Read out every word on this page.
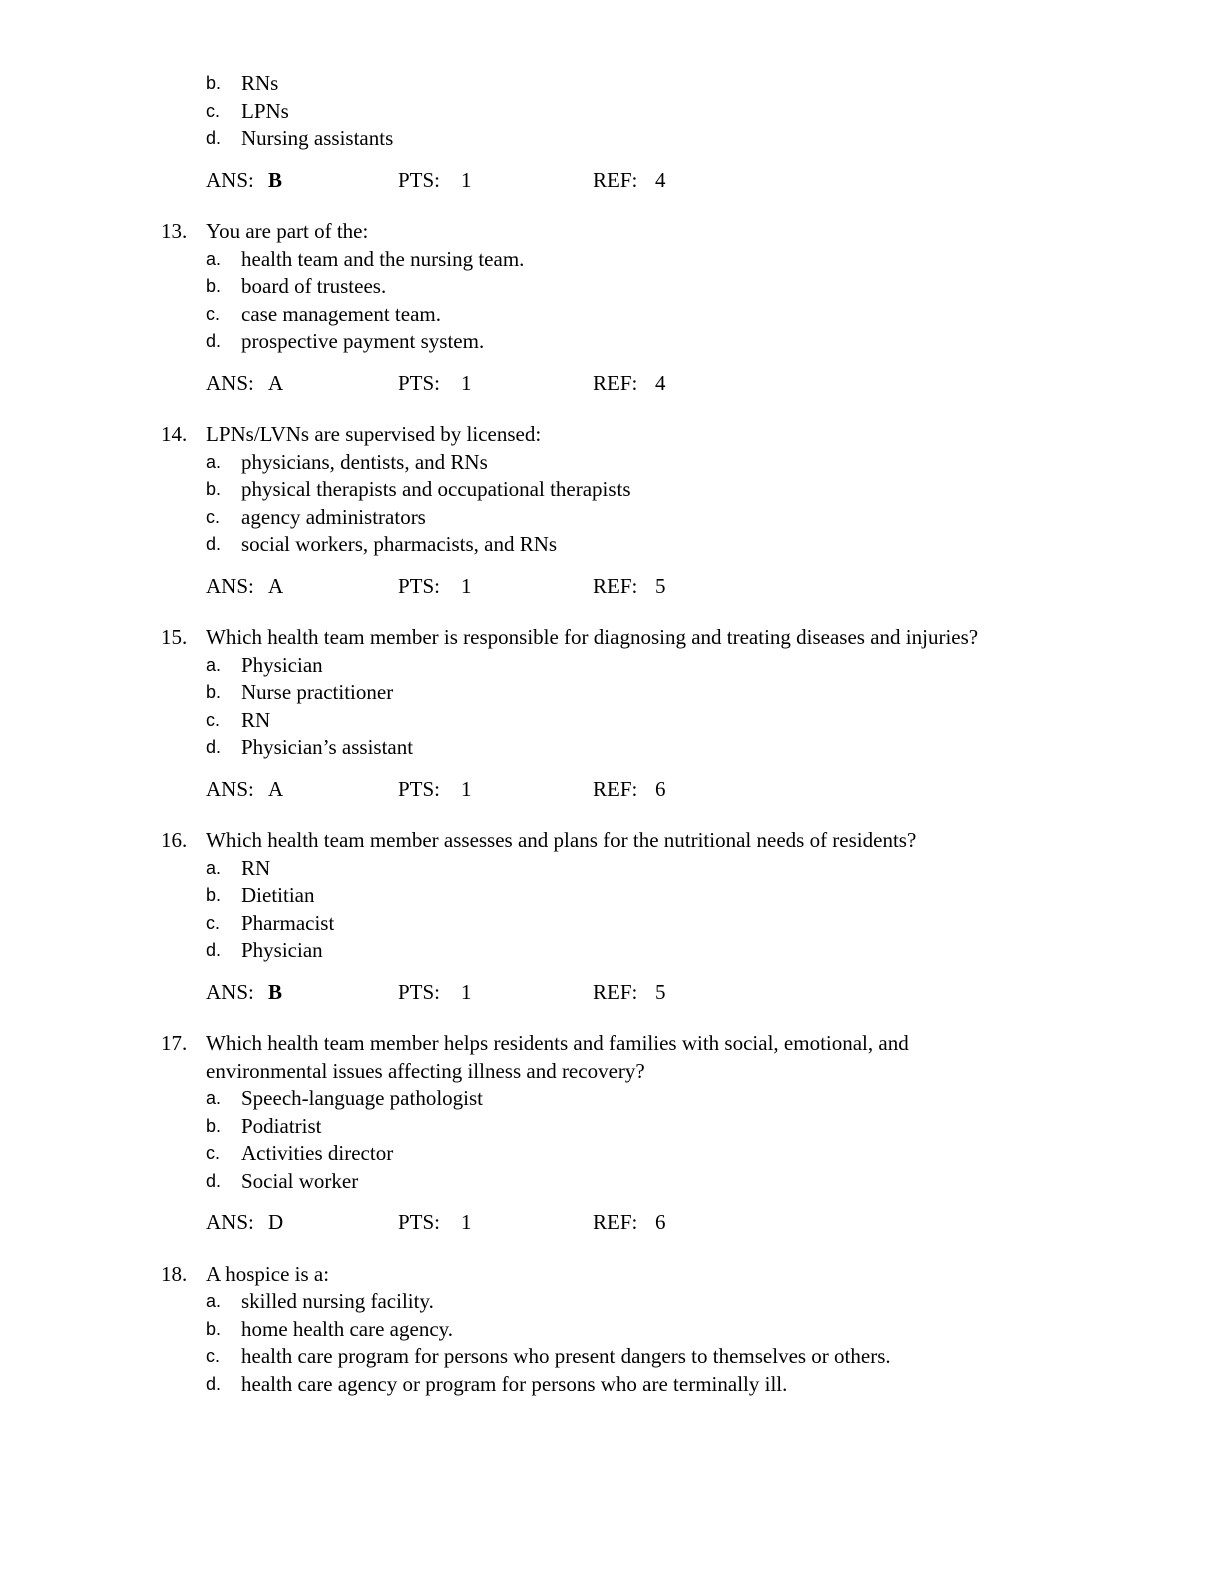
b. RNs
c. LPNs
d. Nursing assistants
ANS: B	PTS: 1	REF: 4
13. You are part of the:
a. health team and the nursing team.
b. board of trustees.
c. case management team.
d. prospective payment system.
ANS: A	PTS: 1	REF: 4
14. LPNs/LVNs are supervised by licensed:
a. physicians, dentists, and RNs
b. physical therapists and occupational therapists
c. agency administrators
d. social workers, pharmacists, and RNs
ANS: A	PTS: 1	REF: 5
15. Which health team member is responsible for diagnosing and treating diseases and injuries?
a. Physician
b. Nurse practitioner
c. RN
d. Physician’s assistant
ANS: A	PTS: 1	REF: 6
16. Which health team member assesses and plans for the nutritional needs of residents?
a. RN
b. Dietitian
c. Pharmacist
d. Physician
ANS: B	PTS: 1	REF: 5
17. Which health team member helps residents and families with social, emotional, and environmental issues affecting illness and recovery?
a. Speech-language pathologist
b. Podiatrist
c. Activities director
d. Social worker
ANS: D	PTS: 1	REF: 6
18. A hospice is a:
a. skilled nursing facility.
b. home health care agency.
c. health care program for persons who present dangers to themselves or others.
d. health care agency or program for persons who are terminally ill.
